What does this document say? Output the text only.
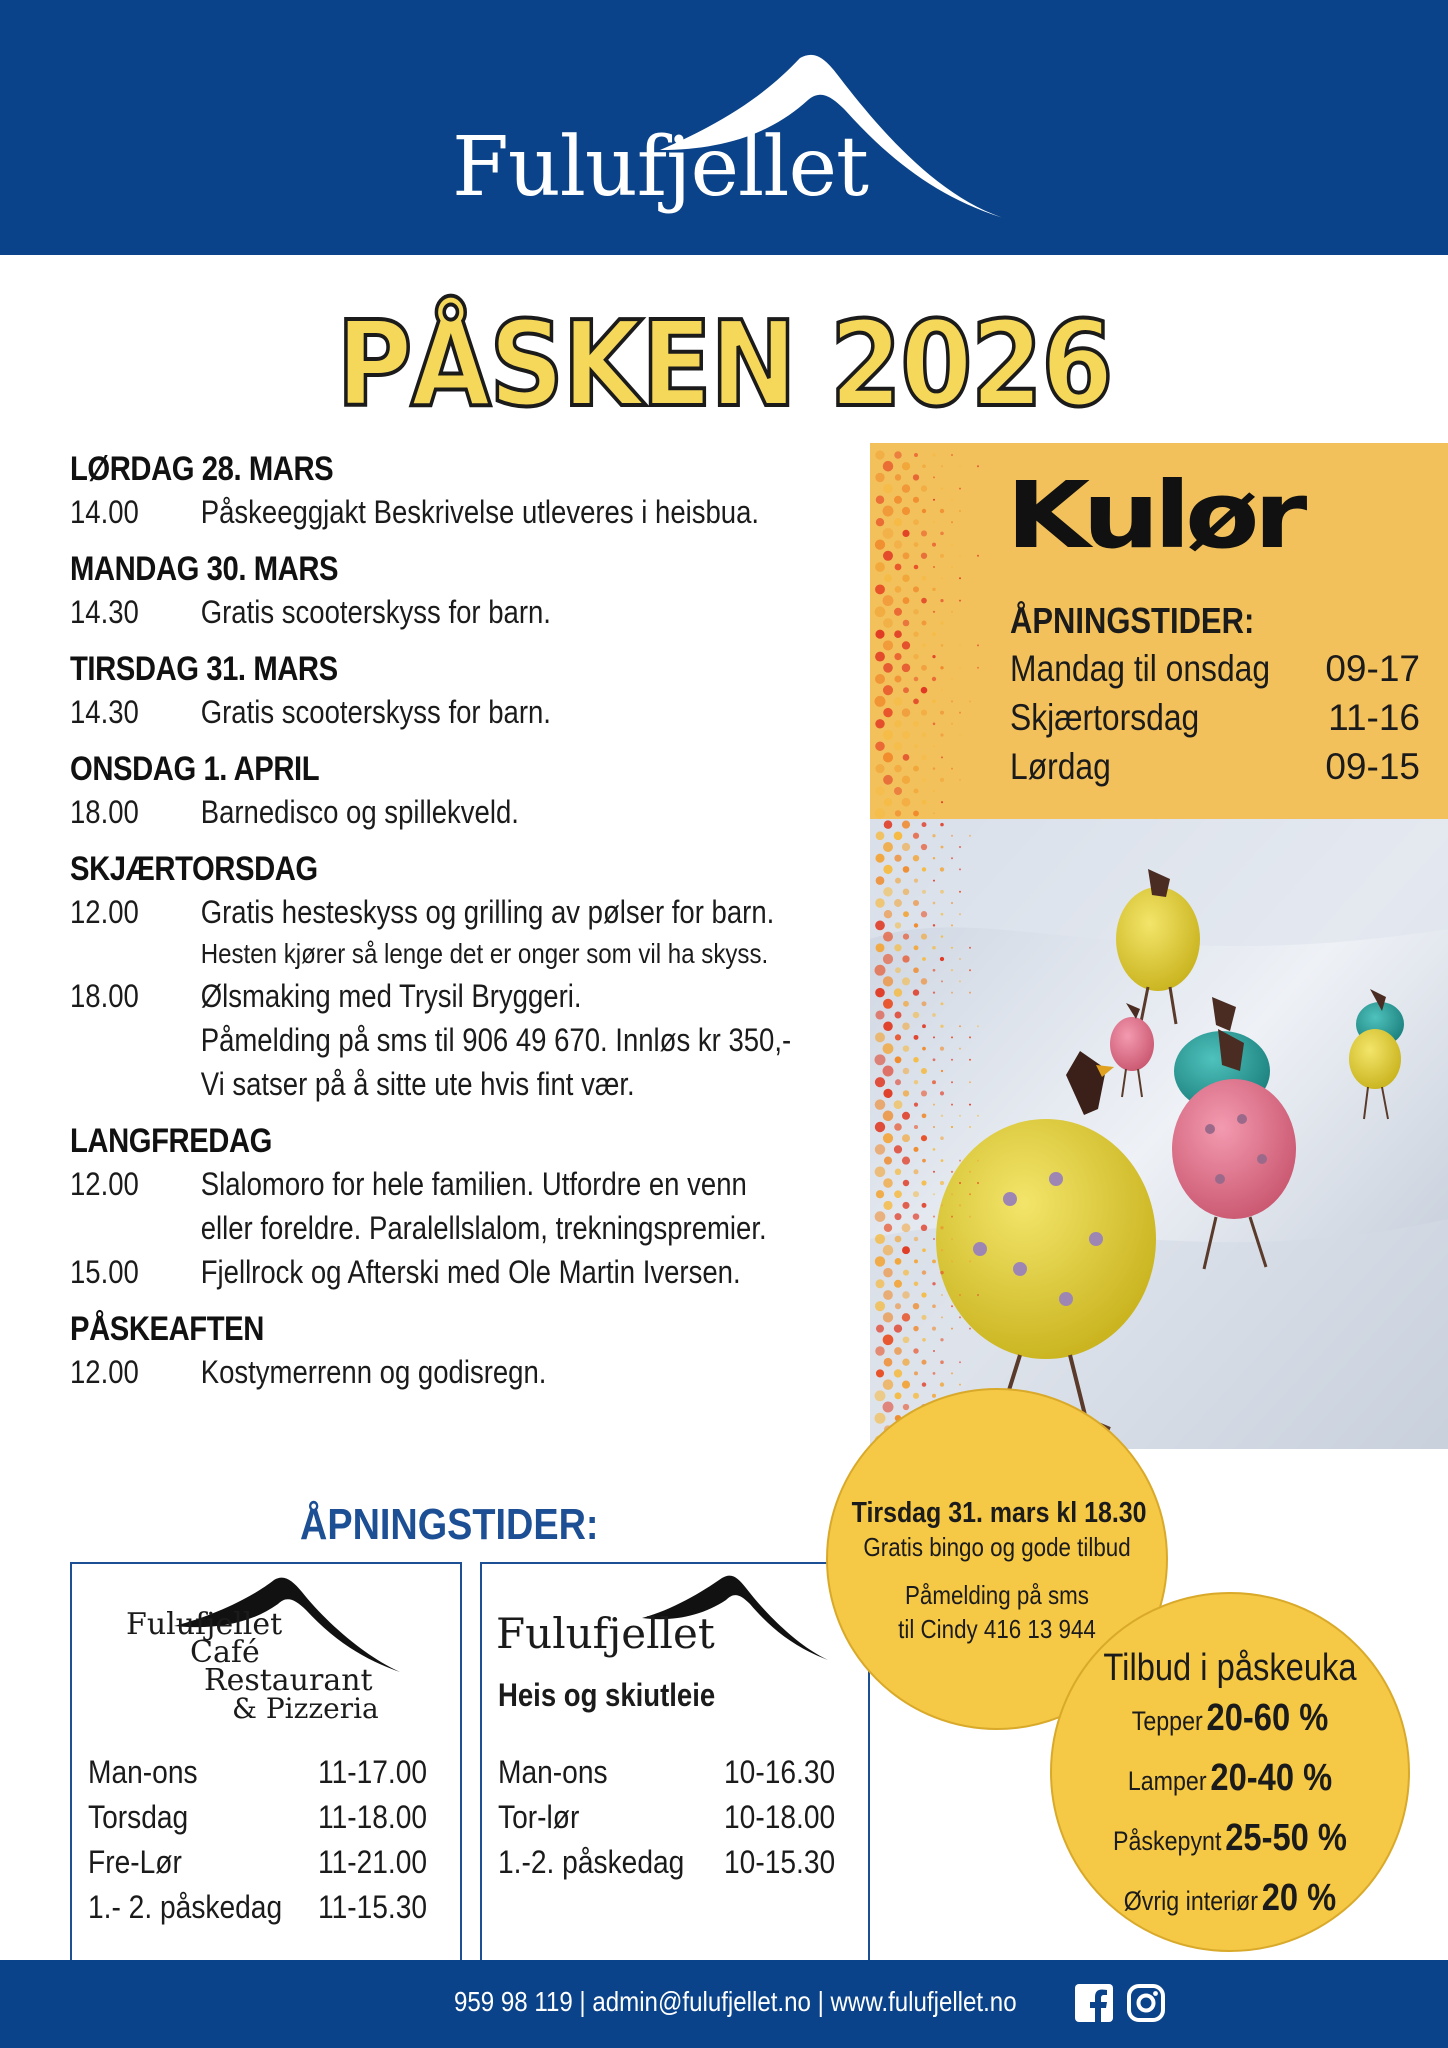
Fulufjellet
PÅSKEN 2026
LØRDAG 28. MARS
14.00	Påskeeggjakt Beskrivelse utleveres i heisbua.
MANDAG 30. MARS
14.30	Gratis scooterskyss for barn.
TIRSDAG 31. MARS
14.30	Gratis scooterskyss for barn.
ONSDAG 1. APRIL
18.00	Barnedisco og spillekveld.
SKJÆRTORSDAG
12.00	Gratis hesteskyss og grilling av pølser for barn.
Hesten kjører så lenge det er onger som vil ha skyss.
18.00	Ølsmaking med Trysil Bryggeri.
Påmelding på sms til 906 49 670. Innløs kr 350,-
Vi satser på å sitte ute hvis fint vær.
LANGFREDAG
12.00	Slalomoro for hele familien. Utfordre en venn
eller foreldre. Paralellslalom, trekningspremier.
15.00	Fjellrock og Afterski med Ole Martin Iversen.
PÅSKEAFTEN
12.00	Kostymerrenn og godisregn.
Kulør
ÅPNINGSTIDER:
Mandag til onsdag 09-17
Skjærtorsdag	11-16
Lørdag	09-15
ÅPNINGSTIDER:
Fulufjellet
Café
Restaurant
& Pizzeria
Man-ons	11-17.00
Torsdag	11-18.00
Fre-Lør	11-21.00
1.- 2. påskedag 11-15.30
Fulufjellet
Heis og skiutleie
Man-ons	10-16.30
Tor-lør	10-18.00
1.-2. påskedag 10-15.30
Tirsdag 31. mars kl 18.30
Gratis bingo og gode tilbud
Påmelding på sms
til Cindy 416 13 944
Tilbud i påskeuka
Tepper 20-60 %
Lamper 20-40 %
Påskepynt 25-50 %
Øvrig interiør 20 %
959 98 119 | admin@fulufjellet.no | www.fulufjellet.no
